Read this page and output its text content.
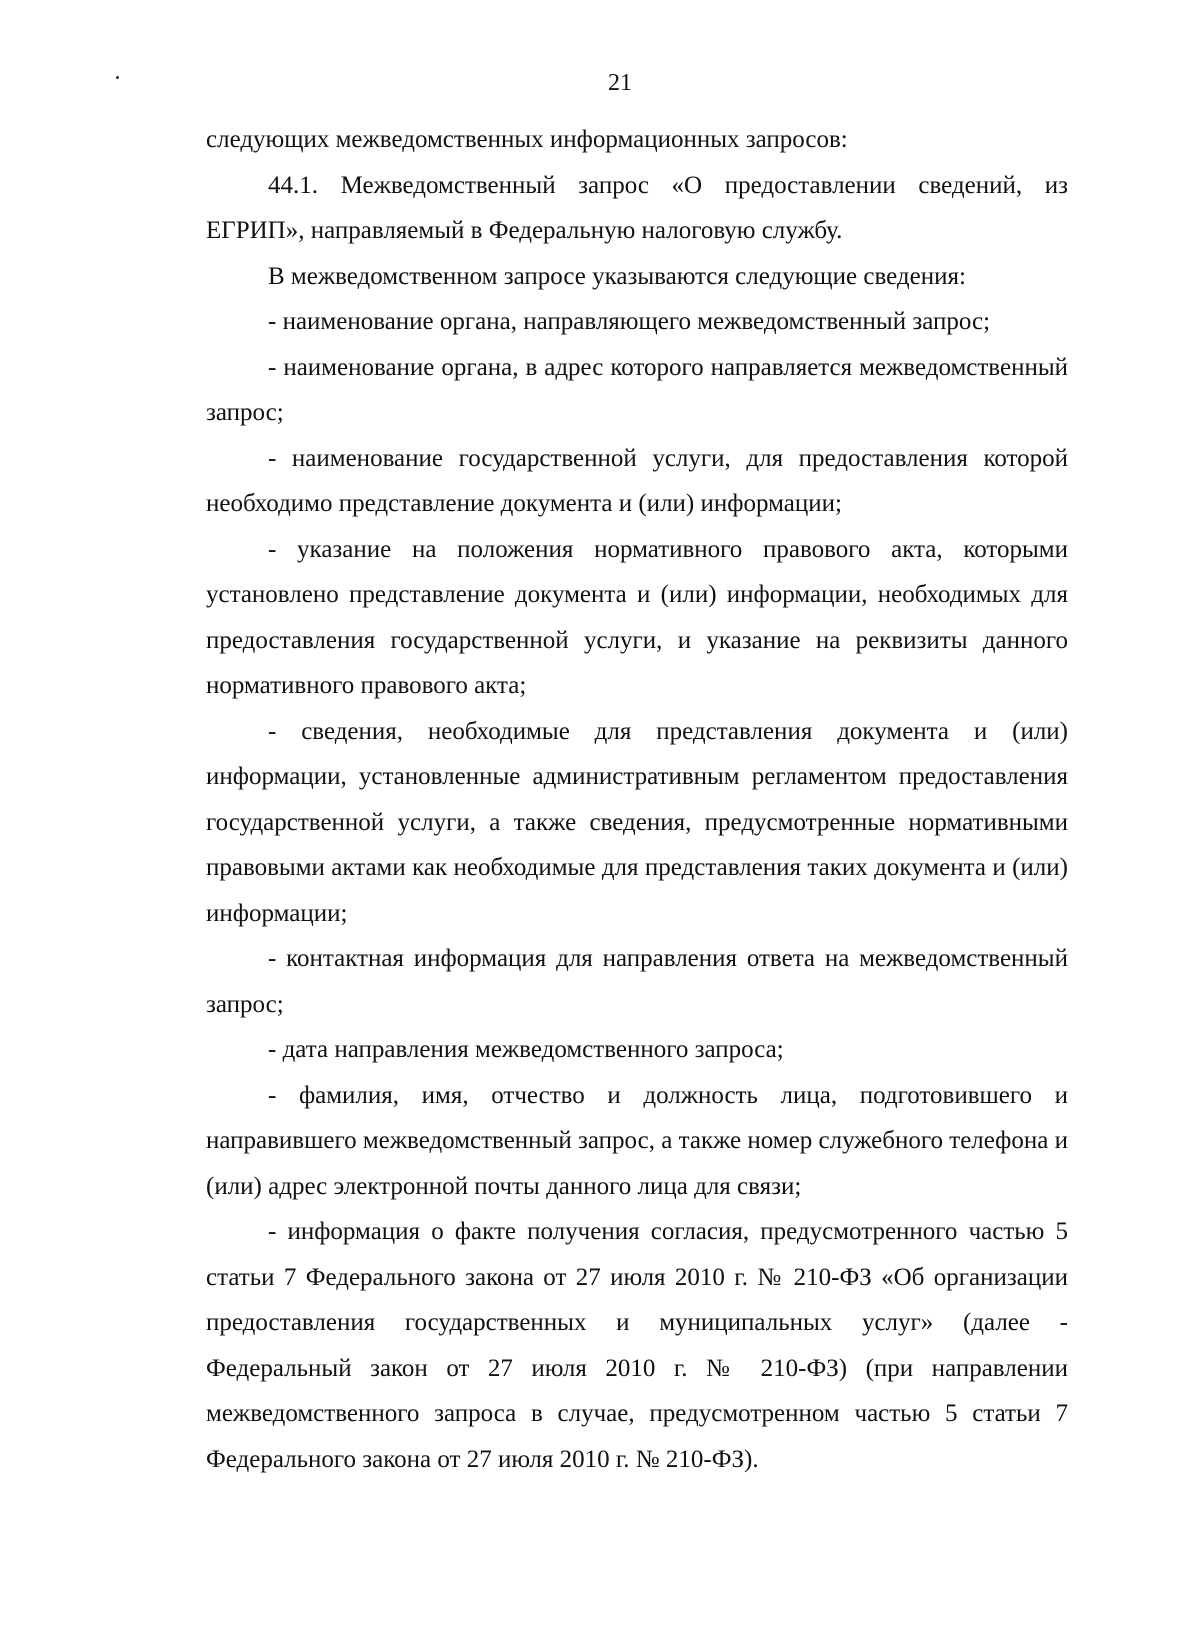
21

следующих межведомственных информационных запросов:

44.1. Межведомственный запрос «О предоставлении сведений, из ЕГРИП», направляемый в Федеральную налоговую службу.

В межведомственном запросе указываются следующие сведения:

- наименование органа, направляющего межведомственный запрос;

- наименование органа, в адрес которого направляется межведомственный запрос;

- наименование государственной услуги, для предоставления которой необходимо представление документа и (или) информации;

- указание на положения нормативного правового акта, которыми установлено представление документа и (или) информации, необходимых для предоставления государственной услуги, и указание на реквизиты данного нормативного правового акта;

- сведения, необходимые для представления документа и (или) информации, установленные административным регламентом предоставления государственной услуги, а также сведения, предусмотренные нормативными правовыми актами как необходимые для представления таких документа и (или) информации;

- контактная информация для направления ответа на межведомственный запрос;

- дата направления межведомственного запроса;

- фамилия, имя, отчество и должность лица, подготовившего и направившего межведомственный запрос, а также номер служебного телефона и (или) адрес электронной почты данного лица для связи;

- информация о факте получения согласия, предусмотренного частью 5 статьи 7 Федерального закона от 27 июля 2010 г. № 210-ФЗ «Об организации предоставления государственных и муниципальных услуг» (далее - Федеральный закон от 27 июля 2010 г. № 210-ФЗ) (при направлении межведомственного запроса в случае, предусмотренном частью 5 статьи 7 Федерального закона от 27 июля 2010 г. № 210-ФЗ).
